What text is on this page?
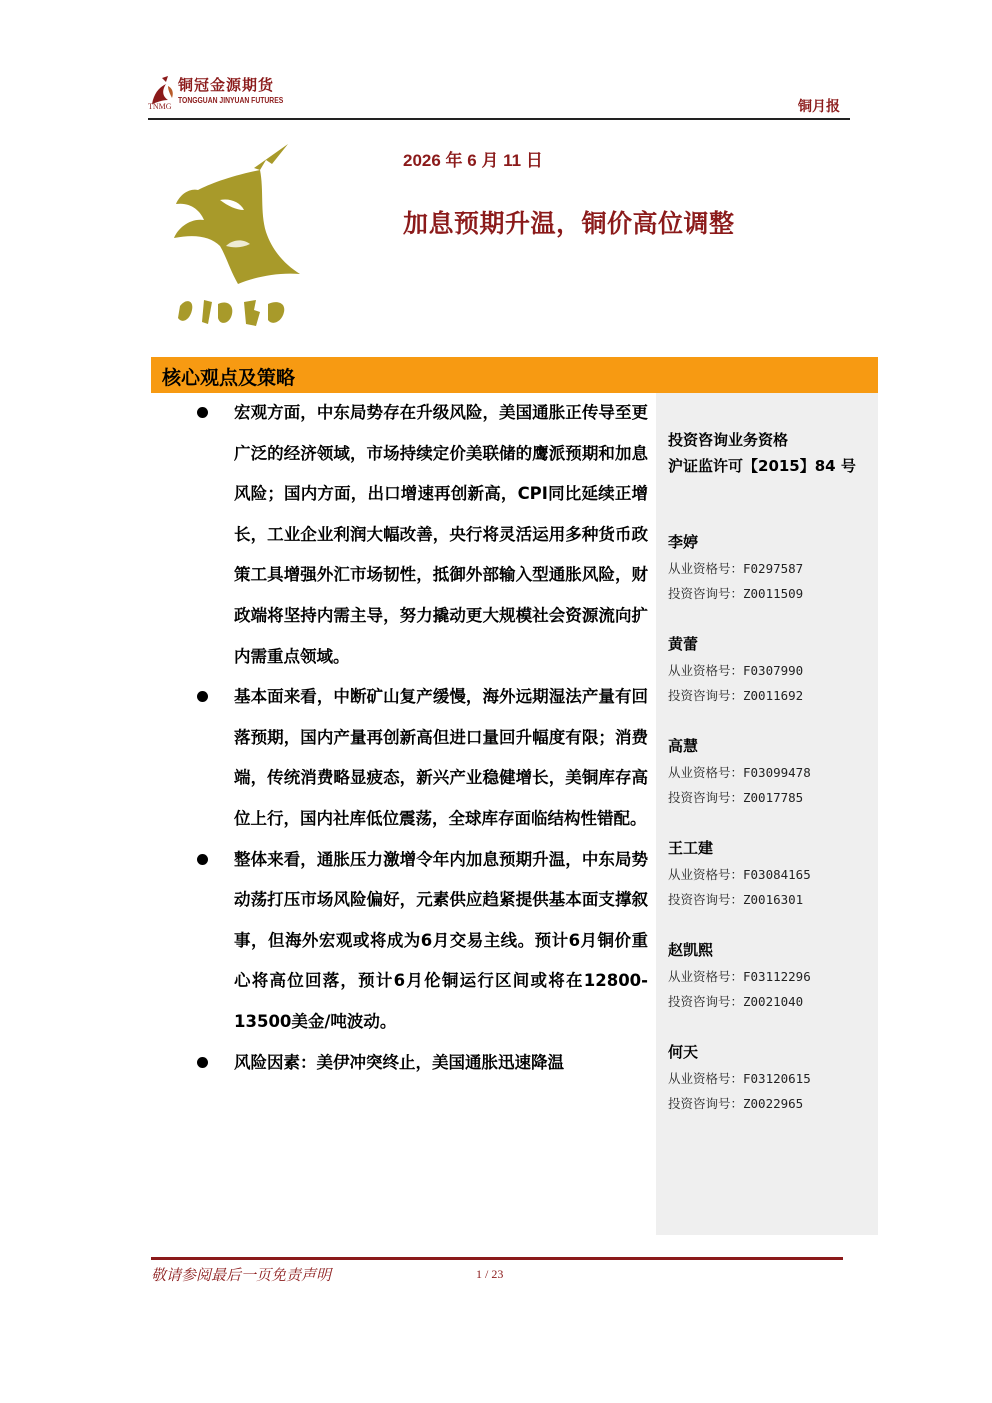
铜冠金源期货
TNMG
TONGGUAN JINYUAN FUTURES	铜月报
2026 年 6 月 11 日
加息预期升温，铜价高位调整
核心观点及策略
投资咨询业务资格
沪证监许可【2015】84 号
李婷
从业资格号：F0297587
投资咨询号：Z0011509
黄蕾
从业资格号：F0307990
投资咨询号：Z0011692
高慧
从业资格号：F03099478
投资咨询号：Z0017785
王工建
从业资格号：F03084165
投资咨询号：Z0016301
赵凯熙
从业资格号：F03112296
投资咨询号：Z0021040
何天
从业资格号：F03120615
投资咨询号：Z0022965
宏观方面，中东局势存在升级风险，美国通胀正传导至更广泛的经济领域，市场持续定价美联储的鹰派预期和加息风险；国内方面，出口增速再创新高，CPI同比延续正增长，工业企业利润大幅改善，央行将灵活运用多种货币政策工具增强外汇市场韧性，抵御外部输入型通胀风险，财政端将坚持内需主导，努力撬动更大规模社会资源流向扩内需重点领域。
基本面来看，中断矿山复产缓慢，海外远期湿法产量有回落预期，国内产量再创新高但进口量回升幅度有限；消费端，传统消费略显疲态，新兴产业稳健增长，美铜库存高位上行，国内社库低位震荡，全球库存面临结构性错配。
整体来看，通胀压力激增令年内加息预期升温，中东局势动荡打压市场风险偏好，元素供应趋紧提供基本面支撑叙事，但海外宏观或将成为6月交易主线。预计6月铜价重心将高位回落，预计6月伦铜运行区间或将在12800-13500美金/吨波动。
风险因素：美伊冲突终止，美国通胀迅速降温
敬请参阅最后一页免责声明	1 / 23
